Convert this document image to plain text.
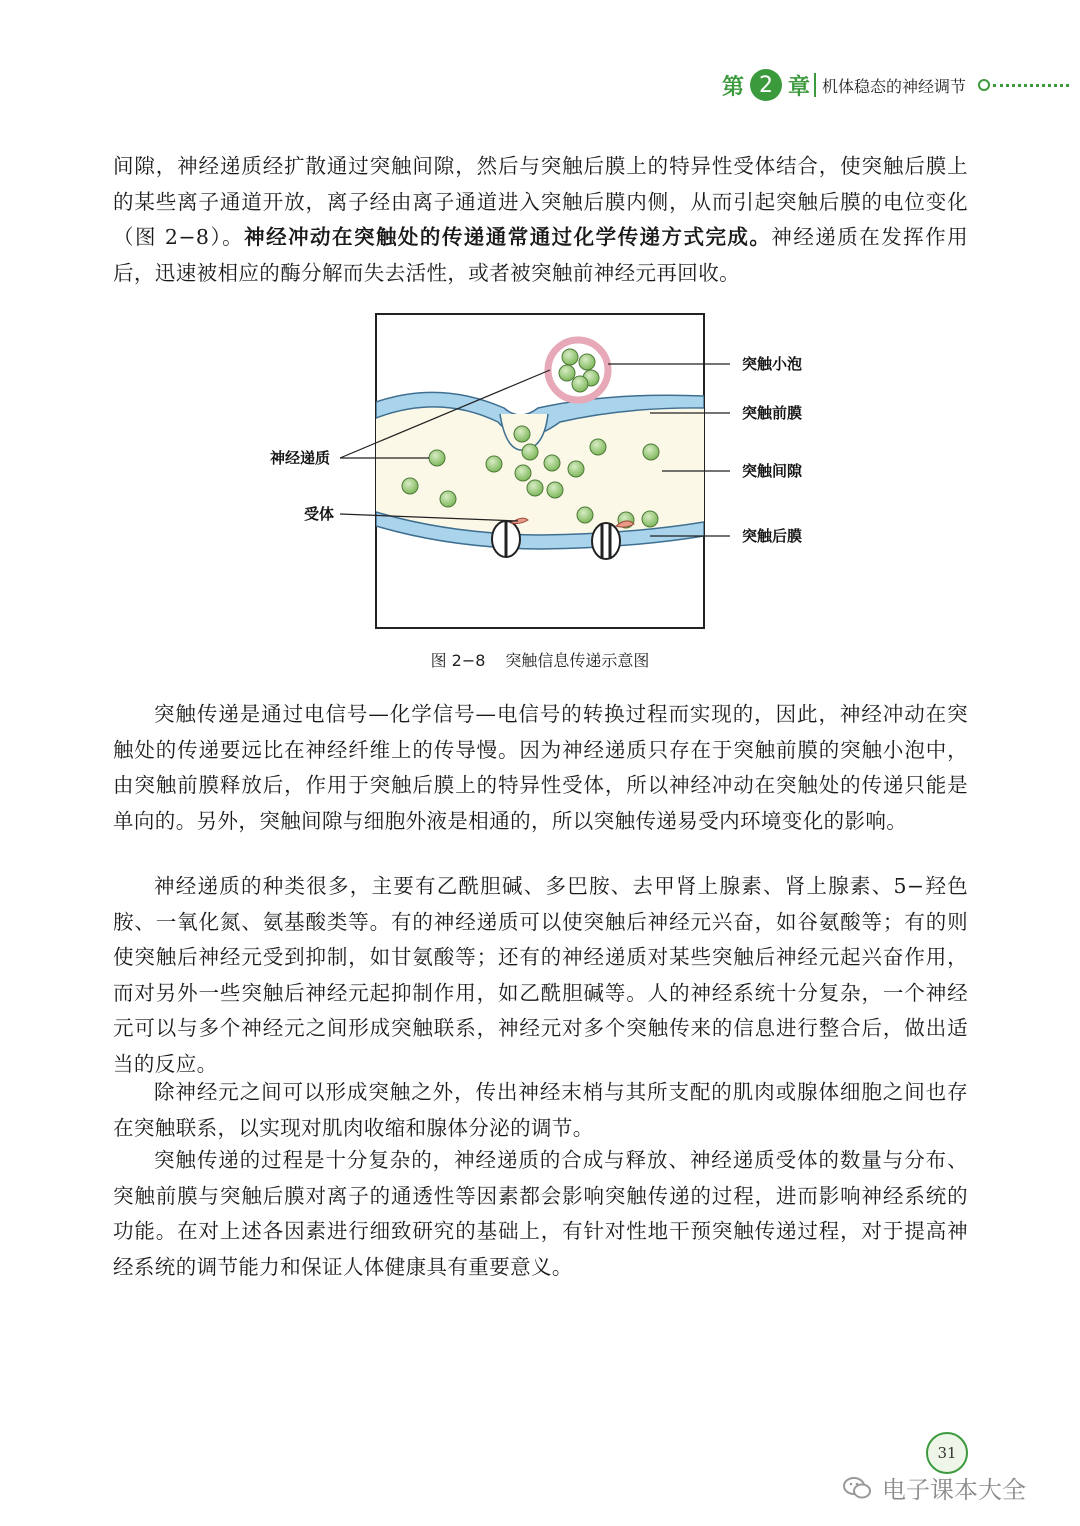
第 2 章 机体稳态的神经调节

间隙，神经递质经扩散通过突触间隙，然后与突触后膜上的特异性受体结合，使突触后膜上的某些离子通道开放，离子经由离子通道进入突触后膜内侧，从而引起突触后膜的电位变化（图 2−8）。神经冲动在突触处的传递通常通过化学传递方式完成。神经递质在发挥作用后，迅速被相应的酶分解而失去活性，或者被突触前神经元再回收。

突触小泡
突触前膜
突触间隙
突触后膜
神经递质
受体
图 2−8 突触信息传递示意图

突触传递是通过电信号—化学信号—电信号的转换过程而实现的，因此，神经冲动在突触处的传递要远比在神经纤维上的传导慢。因为神经递质只存在于突触前膜的突触小泡中，由突触前膜释放后，作用于突触后膜上的特异性受体，所以神经冲动在突触处的传递只能是单向的。另外，突触间隙与细胞外液是相通的，所以突触传递易受内环境变化的影响。

神经递质的种类很多，主要有乙酰胆碱、多巴胺、去甲肾上腺素、肾上腺素、5−羟色胺、一氧化氮、氨基酸类等。有的神经递质可以使突触后神经元兴奋，如谷氨酸等；有的则使突触后神经元受到抑制，如甘氨酸等；还有的神经递质对某些突触后神经元起兴奋作用，而对另外一些突触后神经元起抑制作用，如乙酰胆碱等。人的神经系统十分复杂，一个神经元可以与多个神经元之间形成突触联系，神经元对多个突触传来的信息进行整合后，做出适当的反应。

除神经元之间可以形成突触之外，传出神经末梢与其所支配的肌肉或腺体细胞之间也存在突触联系，以实现对肌肉收缩和腺体分泌的调节。

突触传递的过程是十分复杂的，神经递质的合成与释放、神经递质受体的数量与分布、突触前膜与突触后膜对离子的通透性等因素都会影响突触传递的过程，进而影响神经系统的功能。在对上述各因素进行细致研究的基础上，有针对性地干预突触传递过程，对于提高神经系统的调节能力和保证人体健康具有重要意义。

31
电子课本大全
